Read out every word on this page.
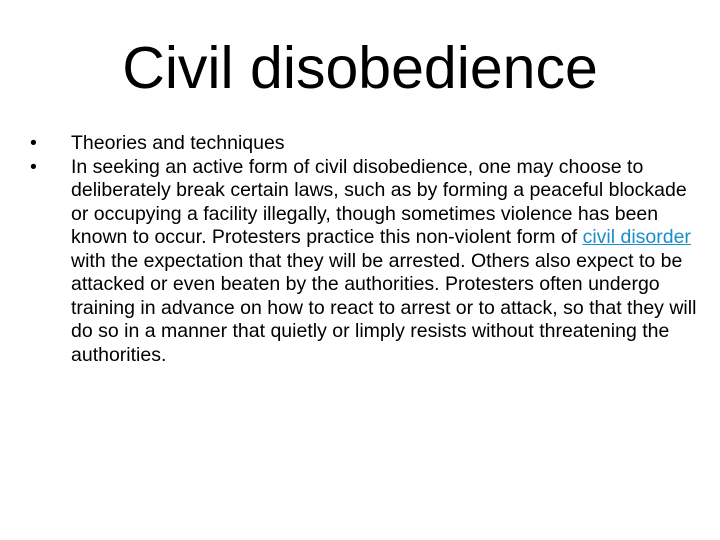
Civil disobedience
•	Theories and techniques
•	In seeking an active form of civil disobedience, one may choose to deliberately break certain laws, such as by forming a peaceful blockade or occupying a facility illegally, though sometimes violence has been known to occur. Protesters practice this non-violent form of civil disorder with the expectation that they will be arrested. Others also expect to be attacked or even beaten by the authorities. Protesters often undergo training in advance on how to react to arrest or to attack, so that they will do so in a manner that quietly or limply resists without threatening the authorities.
